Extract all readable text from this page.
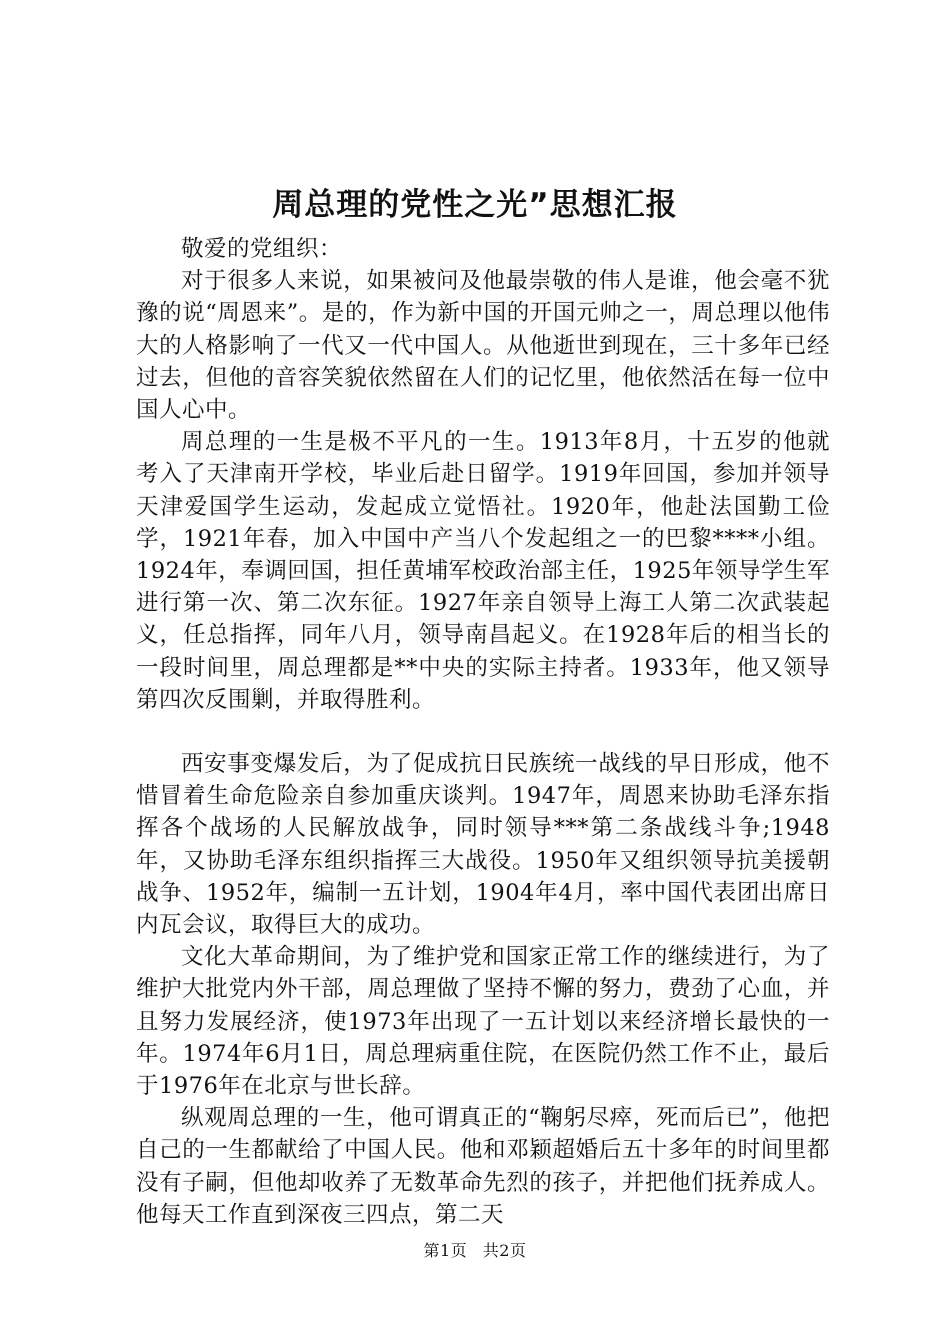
周总理的党性之光”思想汇报

敬爱的党组织：

对于很多人来说，如果被问及他最崇敬的伟人是谁，他会毫不犹豫的说“周恩来”。是的，作为新中国的开国元帅之一，周总理以他伟大的人格影响了一代又一代中国人。从他逝世到现在，三十多年已经过去，但他的音容笑貌依然留在人们的记忆里，他依然活在每一位中国人心中。

周总理的一生是极不平凡的一生。1913年8月，十五岁的他就考入了天津南开学校，毕业后赴日留学。1919年回国，参加并领导天津爱国学生运动，发起成立觉悟社。1920年，他赴法国勤工俭学，1921年春，加入中国中产当八个发起组之一的巴黎****小组。1924年，奉调回国，担任黄埔军校政治部主任，1925年领导学生军进行第一次、第二次东征。1927年亲自领导上海工人第二次武装起义，任总指挥，同年八月，领导南昌起义。在1928年后的相当长的一段时间里，周总理都是**中央的实际主持者。1933年，他又领导第四次反围剿，并取得胜利。

西安事变爆发后，为了促成抗日民族统一战线的早日形成，他不惜冒着生命危险亲自参加重庆谈判。1947年，周恩来协助毛泽东指挥各个战场的人民解放战争，同时领导***第二条战线斗争;1948年，又协助毛泽东组织指挥三大战役。1950年又组织领导抗美援朝战争、1952年，编制一五计划，1904年4月，率中国代表团出席日内瓦会议，取得巨大的成功。

文化大革命期间，为了维护党和国家正常工作的继续进行，为了维护大批党内外干部，周总理做了坚持不懈的努力，费劲了心血，并且努力发展经济，使1973年出现了一五计划以来经济增长最快的一年。1974年6月1日，周总理病重住院，在医院仍然工作不止，最后于1976年在北京与世长辞。

纵观周总理的一生，他可谓真正的“鞠躬尽瘁，死而后已”，他把自己的一生都献给了中国人民。他和邓颖超婚后五十多年的时间里都没有子嗣，但他却收养了无数革命先烈的孩子，并把他们抚养成人。他每天工作直到深夜三四点，第二天

第1页 共2页
